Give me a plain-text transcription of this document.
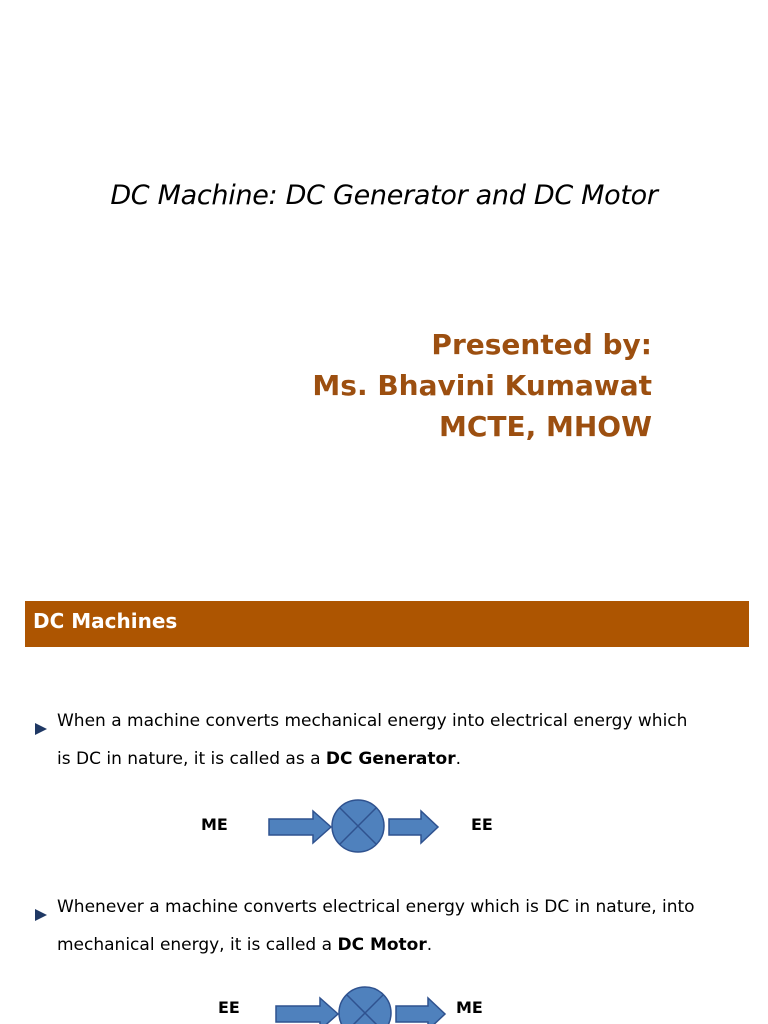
DC Machine: DC Generator and DC Motor
Presented by:
Ms. Bhavini Kumawat
MCTE, MHOW
DC Machines
When a machine converts mechanical energy into electrical energy which
is DC in nature, it is called as a DC Generator.
ME	EE
Whenever a machine converts electrical energy which is DC in nature, into
mechanical energy, it is called a DC Motor.
EE	ME
